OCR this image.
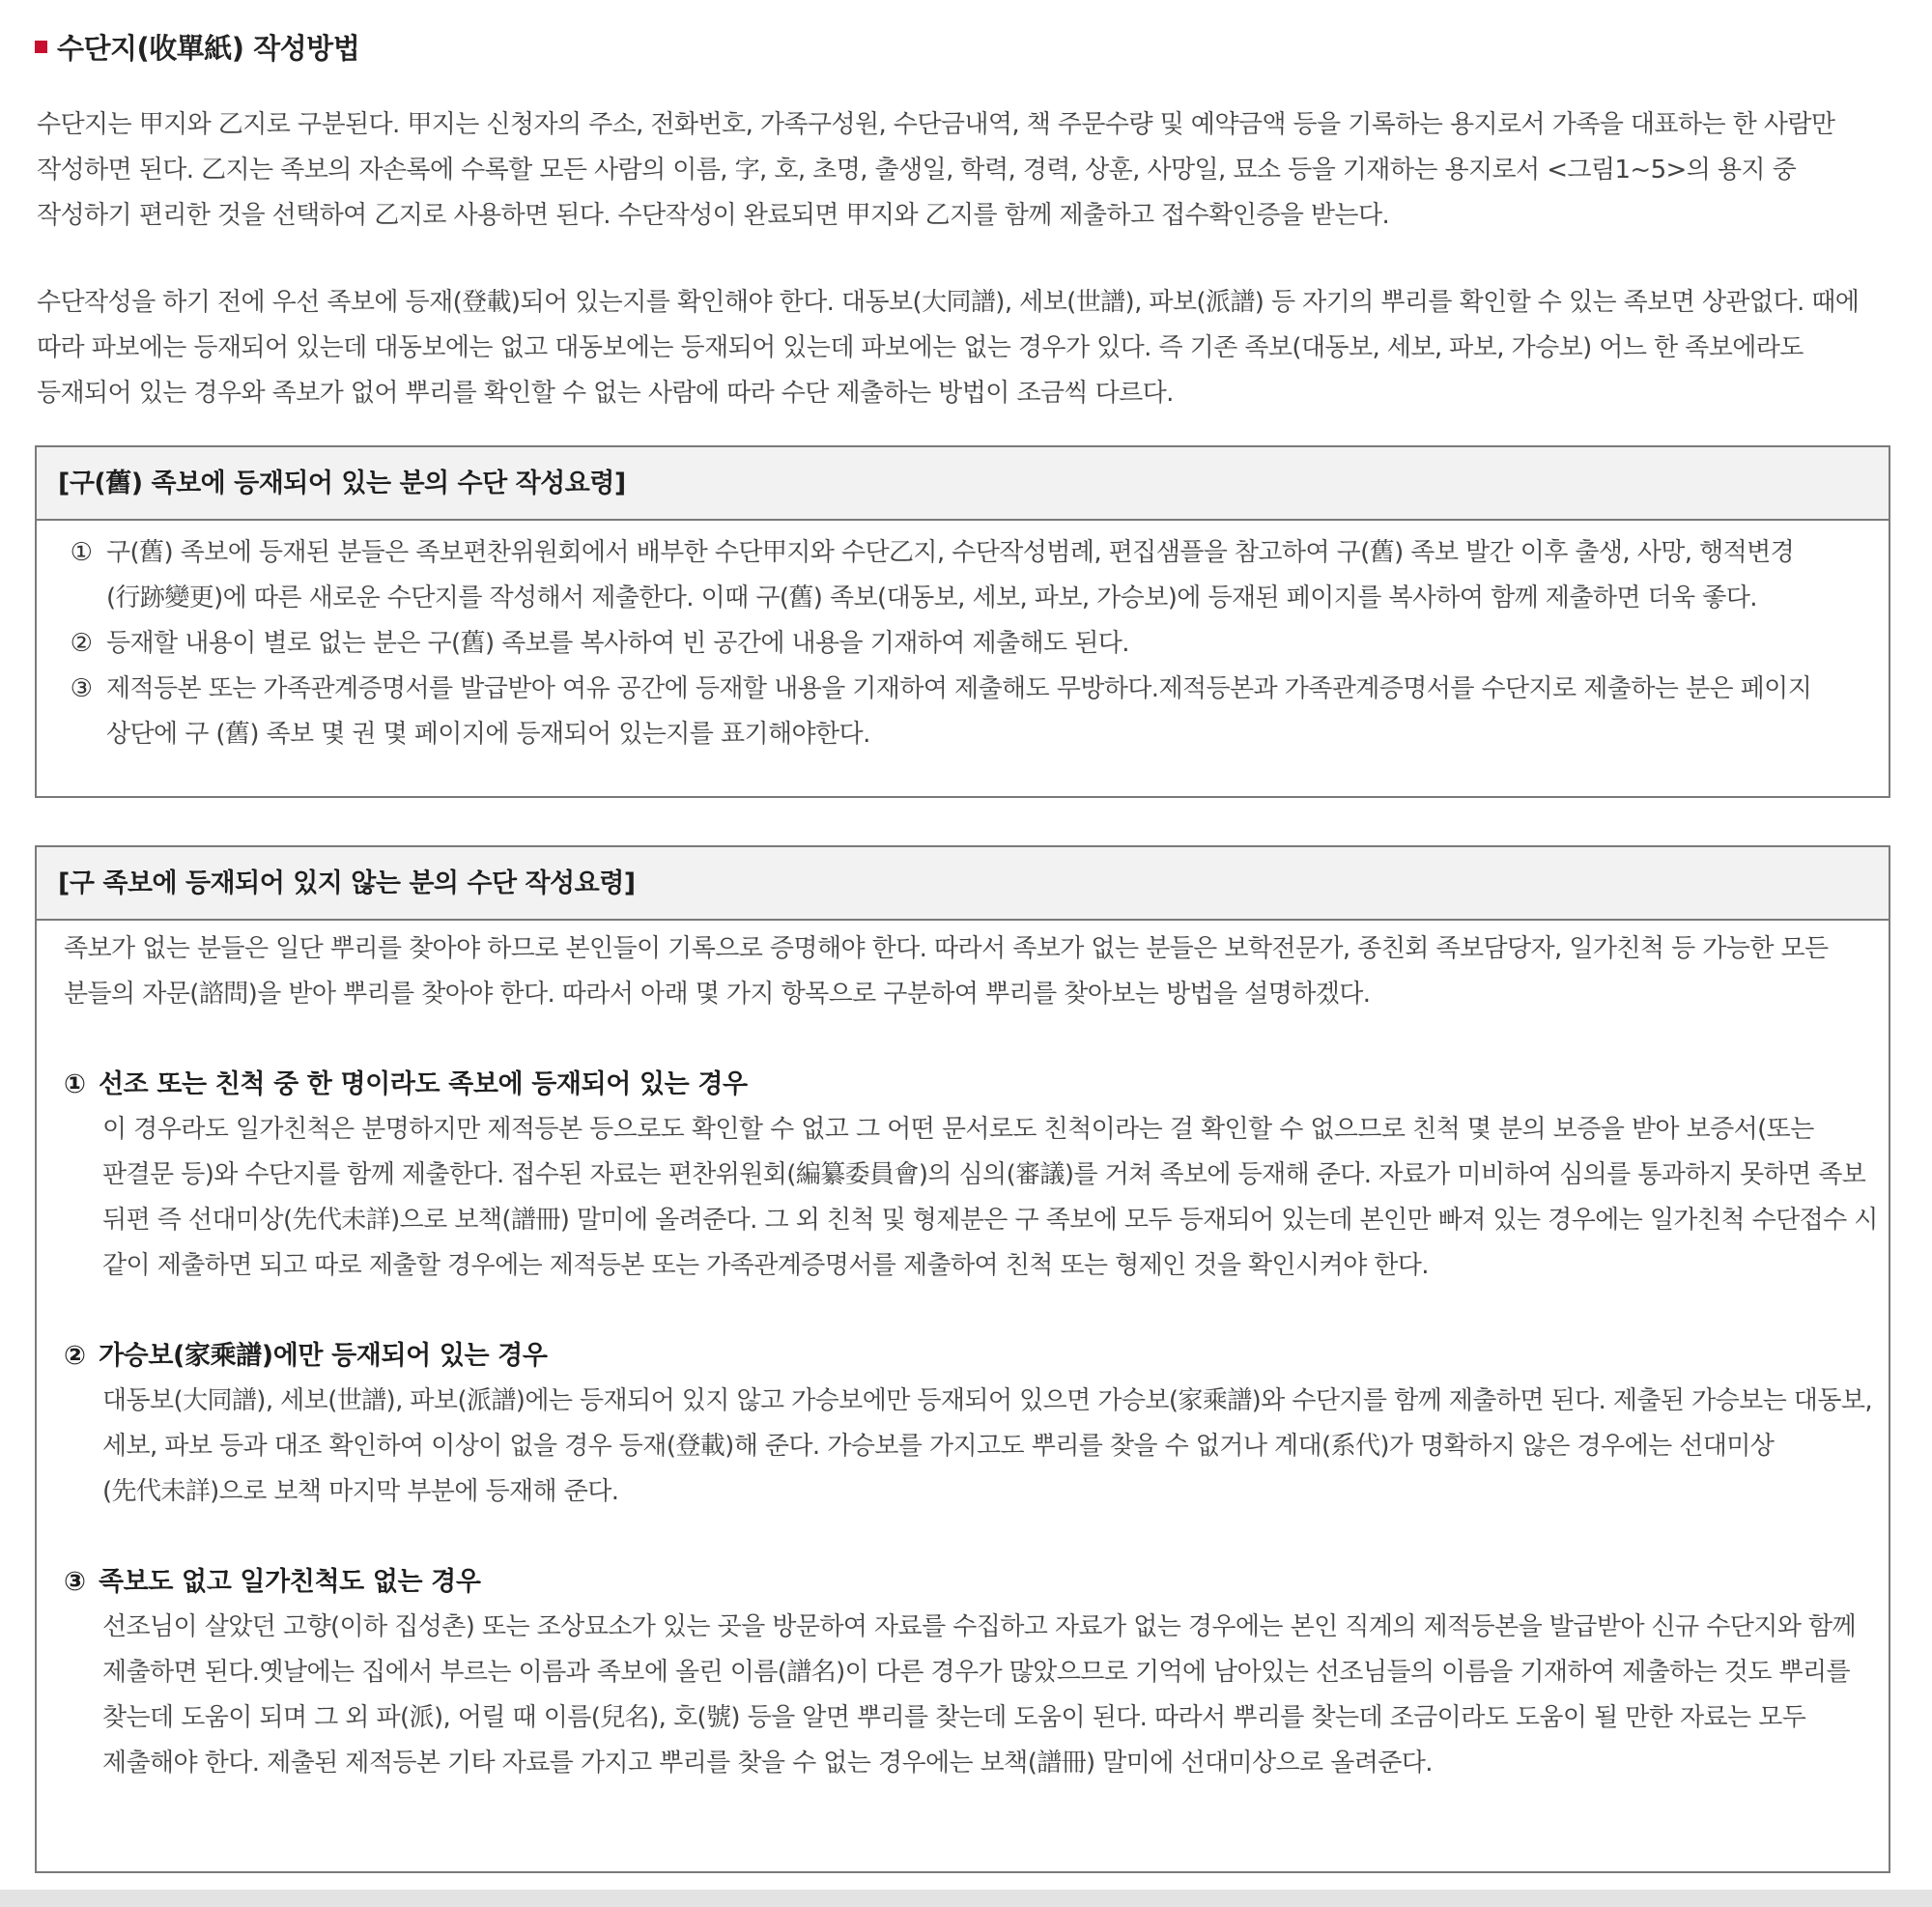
수단지(收單紙) 작성방법

수단지는 甲지와 乙지로 구분된다. 甲지는 신청자의 주소, 전화번호, 가족구성원, 수단금내역, 책 주문수량 및 예약금액 등을 기록하는 용지로서 가족을 대표하는 한 사람만 작성하면 된다. 乙지는 족보의 자손록에 수록할 모든 사람의 이름, 字, 호, 초명, 출생일, 학력, 경력, 상훈, 사망일, 묘소 등을 기재하는 용지로서 <그림1~5>의 용지 중 작성하기 편리한 것을 선택하여 乙지로 사용하면 된다. 수단작성이 완료되면 甲지와 乙지를 함께 제출하고 접수확인증을 받는다.

수단작성을 하기 전에 우선 족보에 등재(登載)되어 있는지를 확인해야 한다. 대동보(大同譜), 세보(世譜), 파보(派譜) 등 자기의 뿌리를 확인할 수 있는 족보면 상관없다. 때에 따라 파보에는 등재되어 있는데 대동보에는 없고 대동보에는 등재되어 있는데 파보에는 없는 경우가 있다. 즉 기존 족보(대동보, 세보, 파보, 가승보) 어느 한 족보에라도 등재되어 있는 경우와 족보가 없어 뿌리를 확인할 수 없는 사람에 따라 수단 제출하는 방법이 조금씩 다르다.

[구(舊) 족보에 등재되어 있는 분의 수단 작성요령]
① 구(舊) 족보에 등재된 분들은 족보편찬위원회에서 배부한 수단甲지와 수단乙지, 수단작성범례, 편집샘플을 참고하여 구(舊) 족보 발간 이후 출생, 사망, 행적변경(行跡變更)에 따른 새로운 수단지를 작성해서 제출한다. 이때 구(舊) 족보(대동보, 세보, 파보, 가승보)에 등재된 페이지를 복사하여 함께 제출하면 더욱 좋다.
② 등재할 내용이 별로 없는 분은 구(舊) 족보를 복사하여 빈 공간에 내용을 기재하여 제출해도 된다.
③ 제적등본 또는 가족관계증명서를 발급받아 여유 공간에 등재할 내용을 기재하여 제출해도 무방하다.제적등본과 가족관계증명서를 수단지로 제출하는 분은 페이지 상단에 구 (舊) 족보 몇 권 몇 페이지에 등재되어 있는지를 표기해야한다.
[구 족보에 등재되어 있지 않는 분의 수단 작성요령]

족보가 없는 분들은 일단 뿌리를 찾아야 하므로 본인들이 기록으로 증명해야 한다. 따라서 족보가 없는 분들은 보학전문가, 종친회 족보담당자, 일가친척 등 가능한 모든 분들의 자문(諮問)을 받아 뿌리를 찾아야 한다. 따라서 아래 몇 가지 항목으로 구분하여 뿌리를 찾아보는 방법을 설명하겠다.

① 선조 또는 친척 중 한 명이라도 족보에 등재되어 있는 경우

이 경우라도 일가친척은 분명하지만 제적등본 등으로도 확인할 수 없고 그 어떤 문서로도 친척이라는 걸 확인할 수 없으므로 친척 몇 분의 보증을 받아 보증서(또는 판결문 등)와 수단지를 함께 제출한다. 접수된 자료는 편찬위원회(編纂委員會)의 심의(審議)를 거쳐 족보에 등재해 준다. 자료가 미비하여 심의를 통과하지 못하면 족보 뒤편 즉 선대미상(先代未詳)으로 보책(譜冊) 말미에 올려준다. 그 외 친척 및 형제분은 구 족보에 모두 등재되어 있는데 본인만 빠져 있는 경우에는 일가친척 수단접수 시 같이 제출하면 되고 따로 제출할 경우에는 제적등본 또는 가족관계증명서를 제출하여 친척 또는 형제인 것을 확인시켜야 한다.

② 가승보(家乘譜)에만 등재되어 있는 경우

대동보(大同譜), 세보(世譜), 파보(派譜)에는 등재되어 있지 않고 가승보에만 등재되어 있으면 가승보(家乘譜)와 수단지를 함께 제출하면 된다. 제출된 가승보는 대동보, 세보, 파보 등과 대조 확인하여 이상이 없을 경우 등재(登載)해 준다. 가승보를 가지고도 뿌리를 찾을 수 없거나 계대(系代)가 명확하지 않은 경우에는 선대미상(先代未詳)으로 보책 마지막 부분에 등재해 준다.

③ 족보도 없고 일가친척도 없는 경우

선조님이 살았던 고향(이하 집성촌) 또는 조상묘소가 있는 곳을 방문하여 자료를 수집하고 자료가 없는 경우에는 본인 직계의 제적등본을 발급받아 신규 수단지와 함께 제출하면 된다.옛날에는 집에서 부르는 이름과 족보에 올린 이름(譜名)이 다른 경우가 많았으므로 기억에 남아있는 선조님들의 이름을 기재하여 제출하는 것도 뿌리를 찾는데 도움이 되며 그 외 파(派), 어릴 때 이름(兒名), 호(號) 등을 알면 뿌리를 찾는데 도움이 된다. 따라서 뿌리를 찾는데 조금이라도 도움이 될 만한 자료는 모두 제출해야 한다. 제출된 제적등본 기타 자료를 가지고 뿌리를 찾을 수 없는 경우에는 보책(譜冊) 말미에 선대미상으로 올려준다.
